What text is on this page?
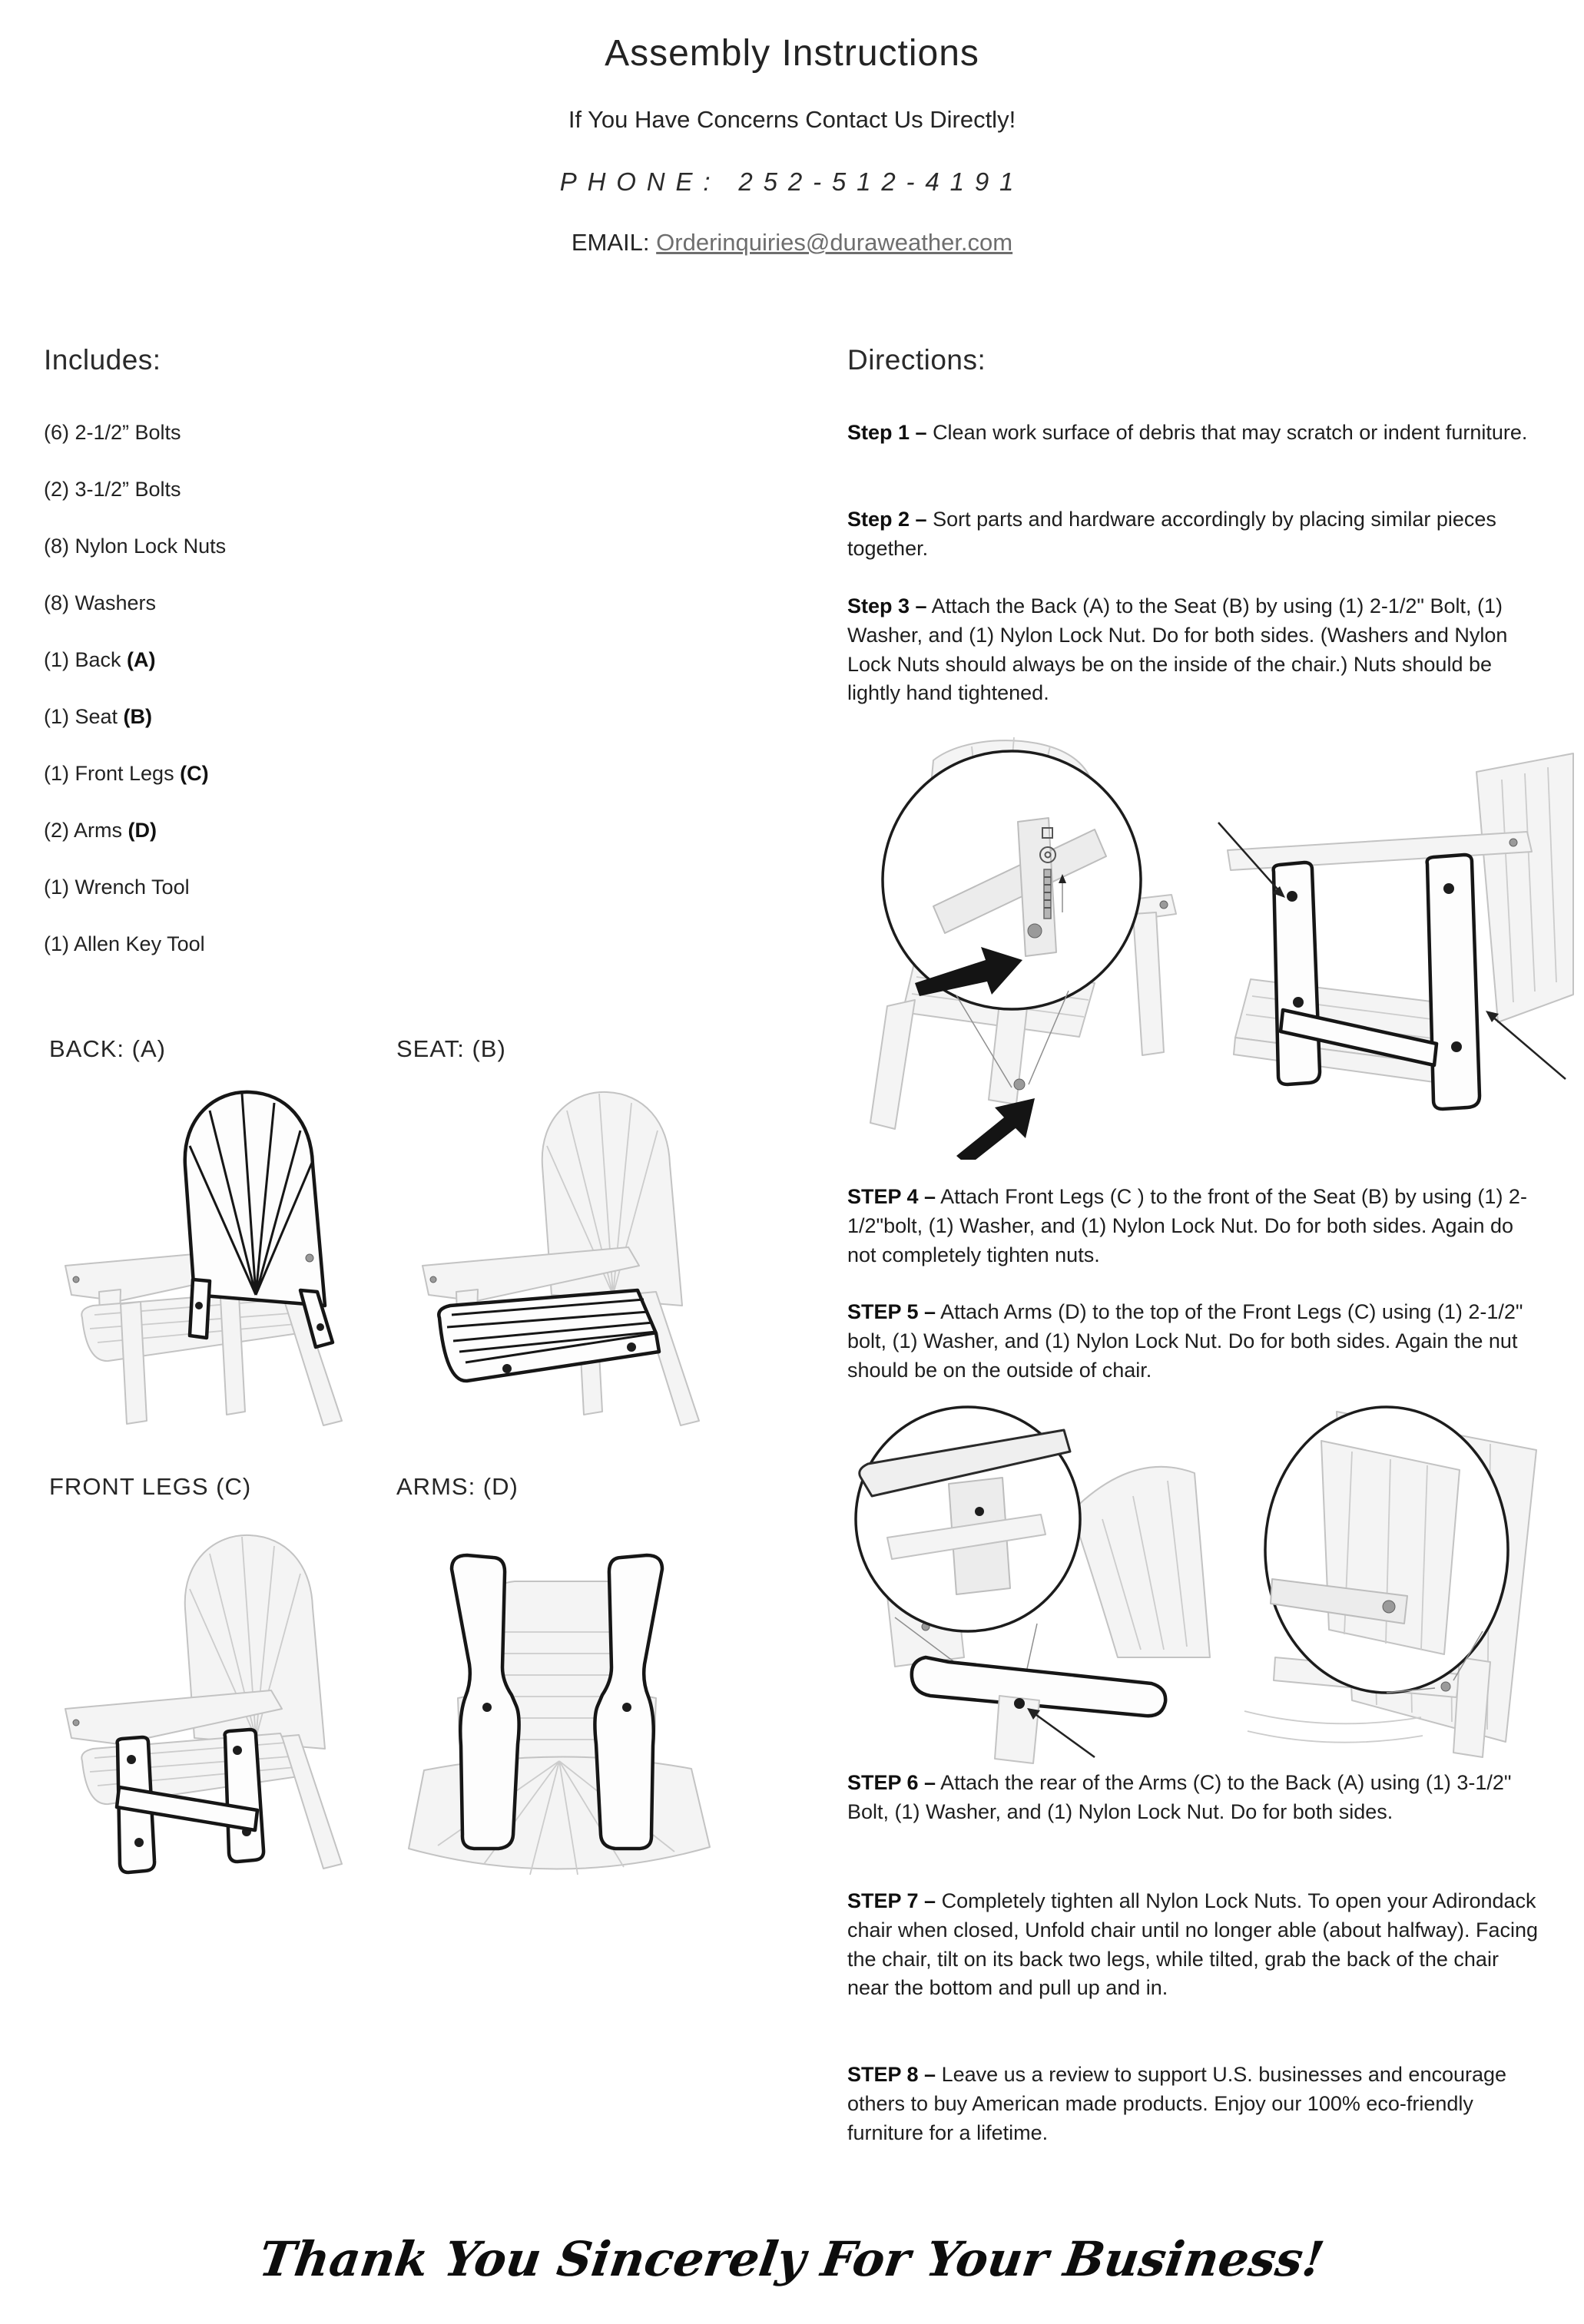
Assembly Instructions
If You Have Concerns Contact Us Directly!
PHONE: 252-512-4191
EMAIL: Orderinquiries@duraweather.com
Includes:
(6) 2-1/2” Bolts
(2) 3-1/2” Bolts
(8) Nylon Lock Nuts
(8) Washers
(1) Back (A)
(1) Seat (B)
(1) Front Legs (C)
(2) Arms (D)
(1) Wrench Tool
(1) Allen Key Tool
Directions:

Step 1 – Clean work surface of debris that may scratch or indent furniture.

Step 2 – Sort parts and hardware accordingly by placing similar pieces together.

Step 3 – Attach the Back (A) to the Seat (B) by using (1) 2-1/2" Bolt, (1) Washer, and (1) Nylon Lock Nut. Do for both sides. (Washers and Nylon Lock Nuts should always be on the inside of the chair.) Nuts should be lightly hand tightened.

STEP 4 – Attach Front Legs (C ) to the front of the Seat (B) by using (1) 2-1/2"bolt, (1) Washer, and (1) Nylon Lock Nut. Do for both sides. Again do not completely tighten nuts.

STEP 5 – Attach Arms (D) to the top of the Front Legs (C) using (1) 2-1/2" bolt, (1) Washer, and (1) Nylon Lock Nut. Do for both sides. Again the nut should be on the outside of chair.

STEP 6 – Attach the rear of the Arms (C) to the Back (A) using (1) 3-1/2" Bolt, (1) Washer, and (1) Nylon Lock Nut. Do for both sides.

STEP 7 – Completely tighten all Nylon Lock Nuts. To open your Adirondack chair when closed, Unfold chair until no longer able (about halfway). Facing the chair, tilt on its back two legs, while tilted, grab the back of the chair near the bottom and pull up and in.

STEP 8 – Leave us a review to support U.S. businesses and encourage others to buy American made products. Enjoy our 100% eco-friendly furniture for a lifetime.

BACK: (A)	SEAT: (B)
FRONT LEGS (C)	ARMS: (D)
Thank You Sincerely For Your Business!
